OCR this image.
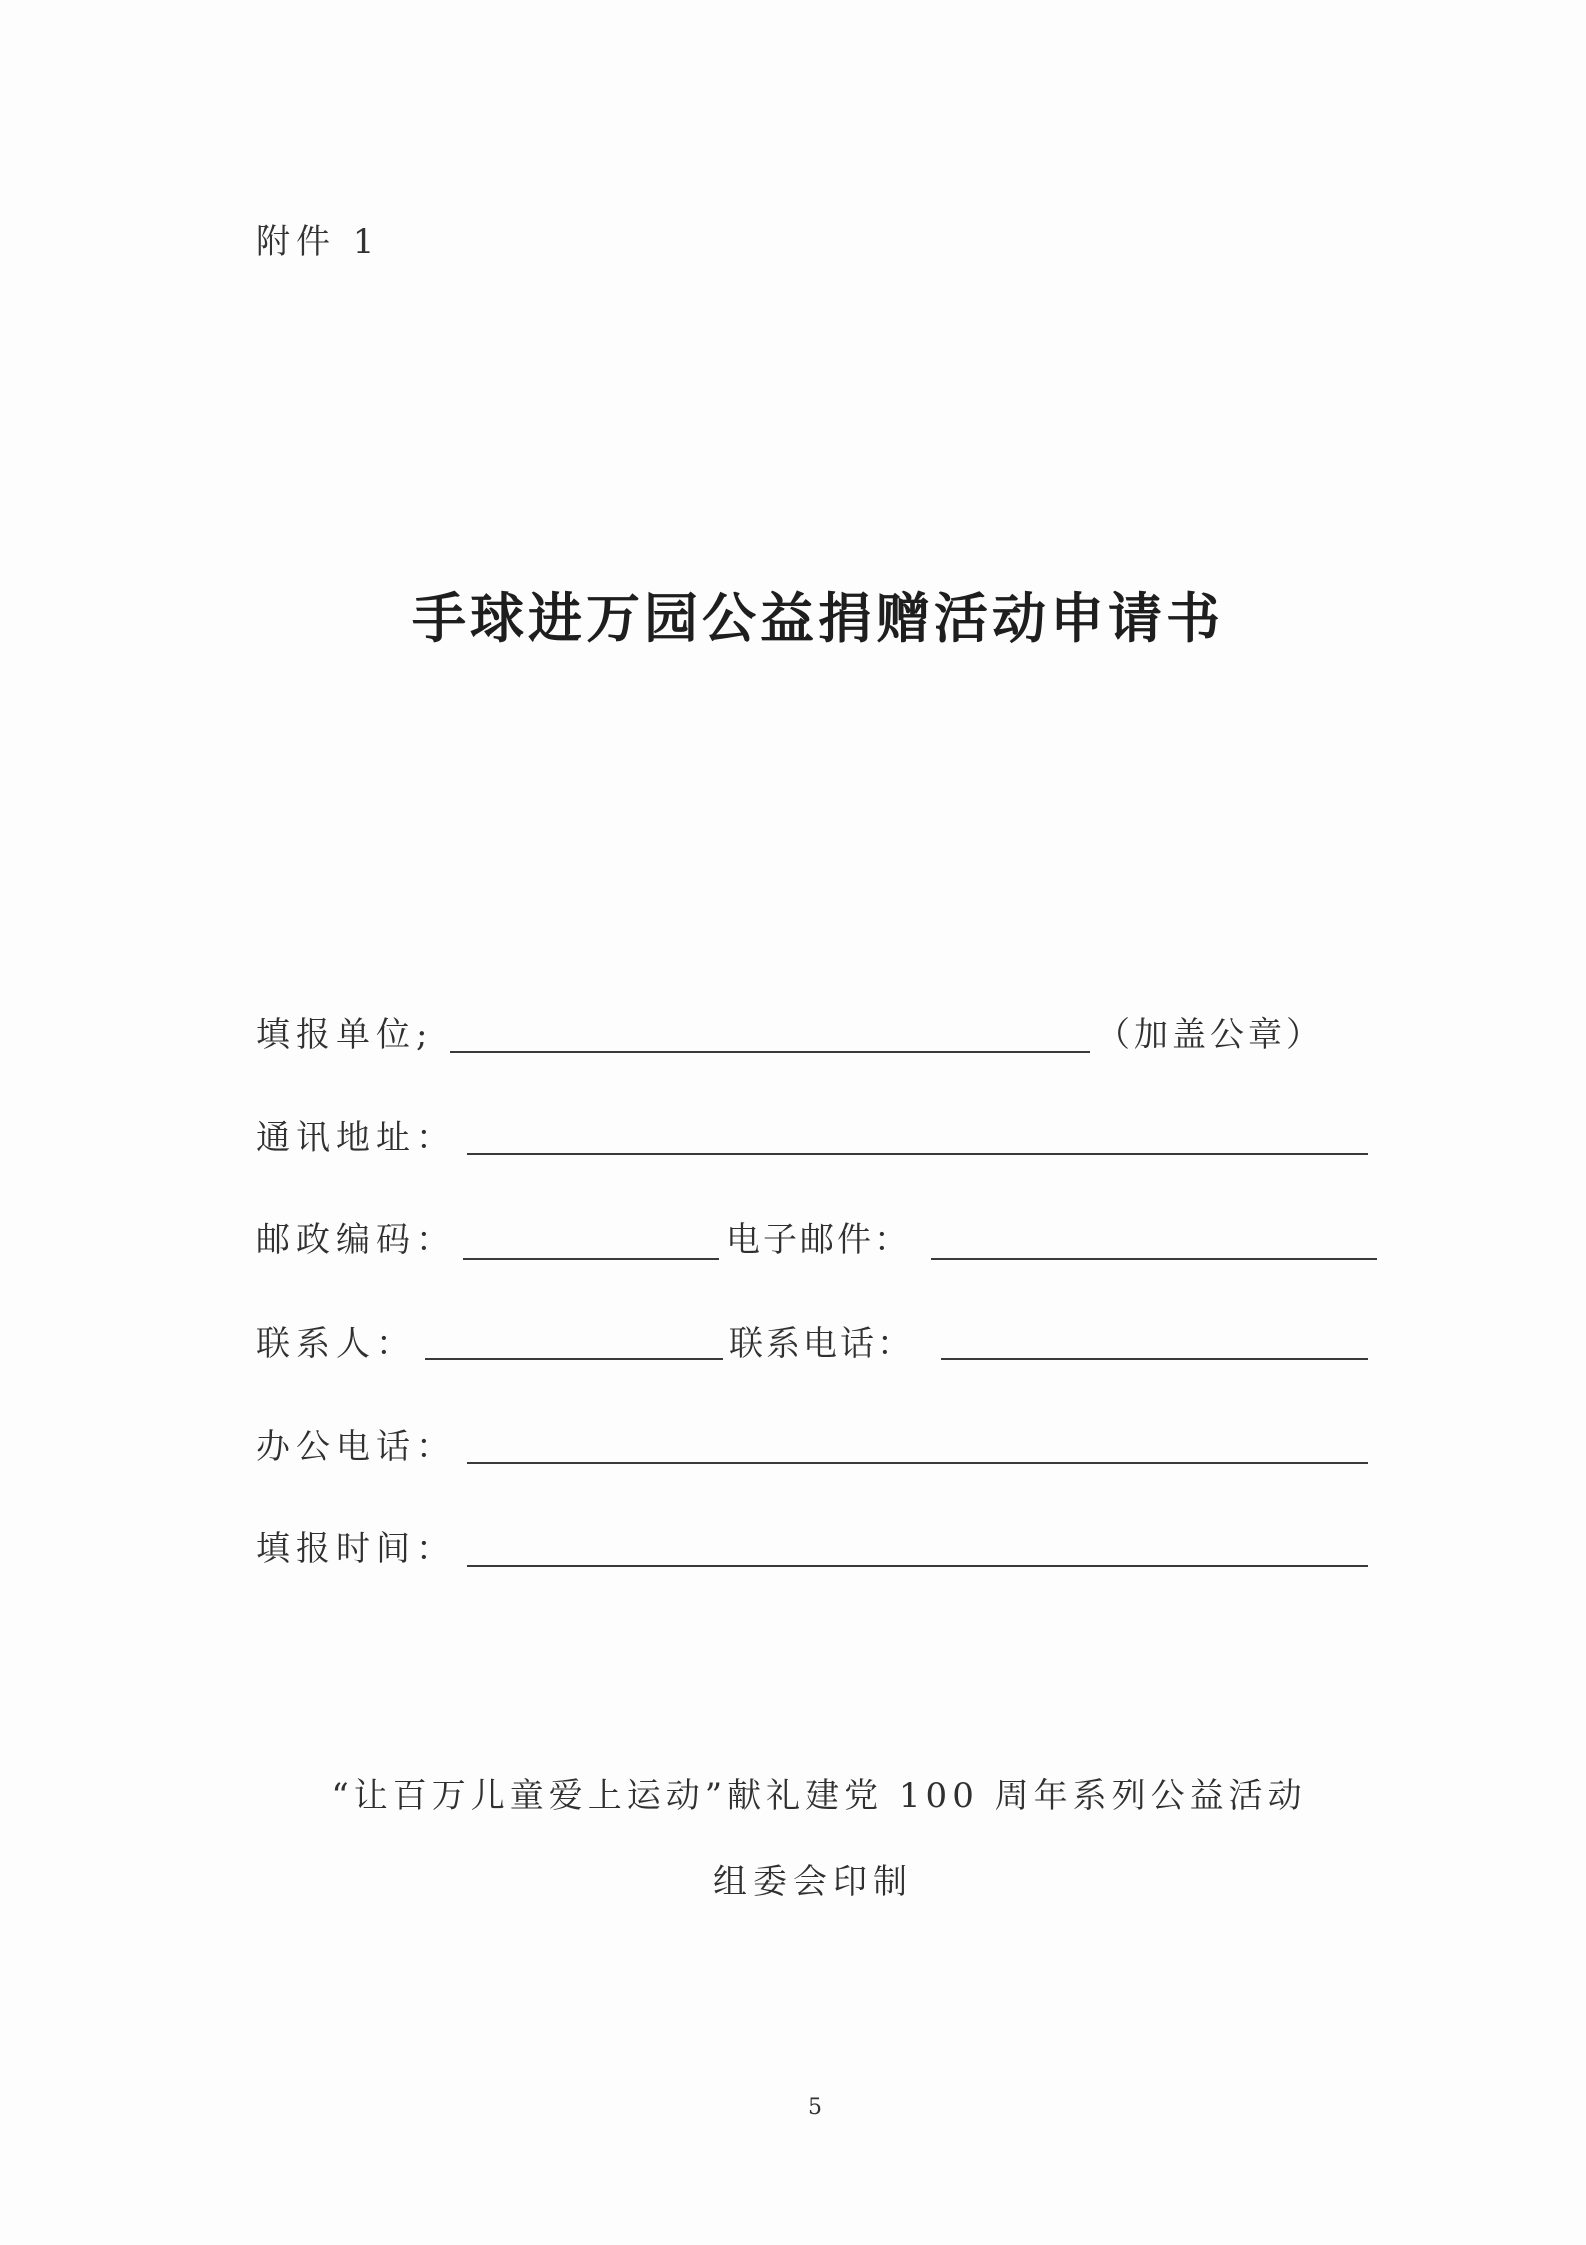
附件 1
手球进万园公益捐赠活动申请书
填报单位;	（加盖公章）
通讯地址：
邮政编码：	电子邮件：
联系人：	联系电话：
办公电话：
填报时间：
“让百万儿童爱上运动”献礼建党 100 周年系列公益活动
组委会印制
5
